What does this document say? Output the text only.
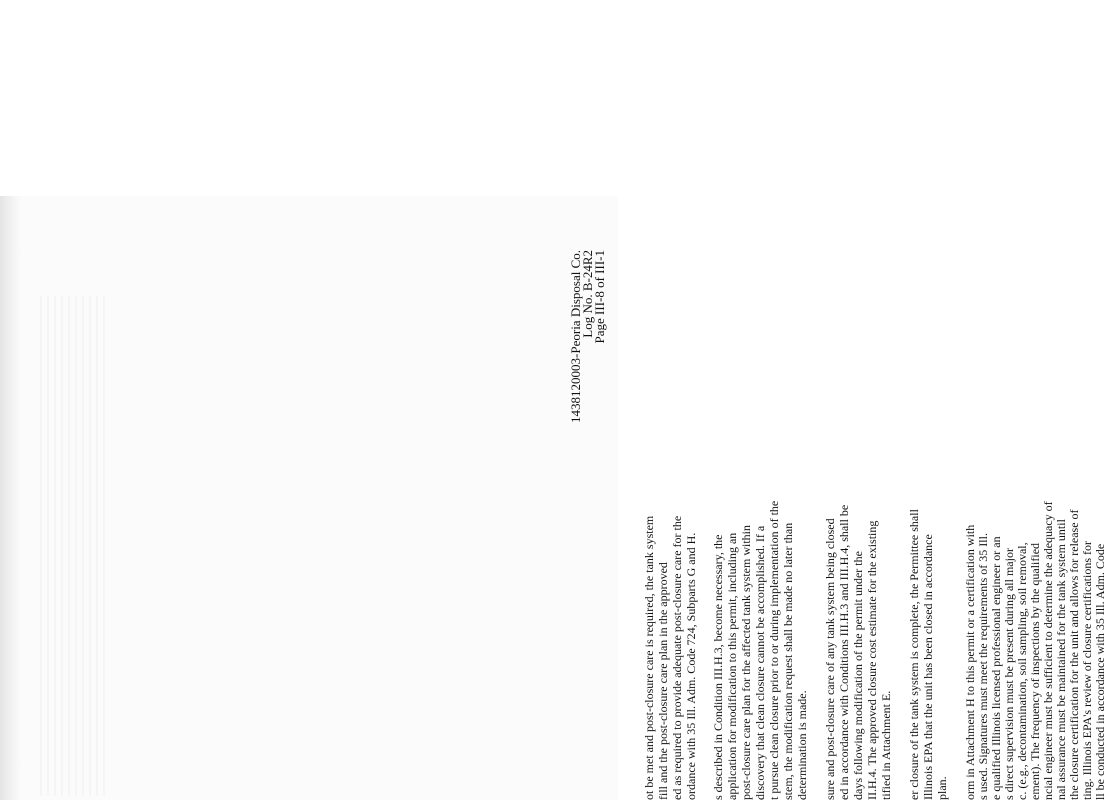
1438120003-Peoria Disposal Co.
Log No. B-24R2
Page III-8 of III-1
ot be met and post-closure care is required, the tank system fill and the post-closure care plan in the approved ed as required to provide adequate post-closure care for the ordance with 35 Ill. Adm. Code 724, Subparts G and H. s described in Condition III.H.3, become necessary, the application for modification to this permit, including an post-closure care plan for the affected tank system within discovery that clean closure cannot be accomplished. If a t pursue clean closure prior to or during implementation of the stem, the modification request shall be made no later than determination is made. sure and post-closure care of any tank system being closed ed in accordance with Conditions III.H.3 and III.H.4, shall be days following modification of the permit under the II.H.4. The approved closure cost estimate for the existing tified in Attachment E. er closure of the tank system is complete, the Permittee shall Illinois EPA that the unit has been closed in accordance plan. orm in Attachment H to this permit or a certification with s used. Signatures must meet the requirements of 35 Ill. e qualified Illinois licensed professional engineer or an s direct supervision must be present during all major c. (e.g., decontamination, soil sampling, soil removal, ement). The frequency of inspections by the qualified ncial engineer must be sufficient to determine the adequacy of nal assurance must be maintained for the tank system until the closure certification for the unit and allows for release of ting. Illinois EPA's review of closure certifications for ll be conducted in accordance with 35 Ill. Adm. Code
